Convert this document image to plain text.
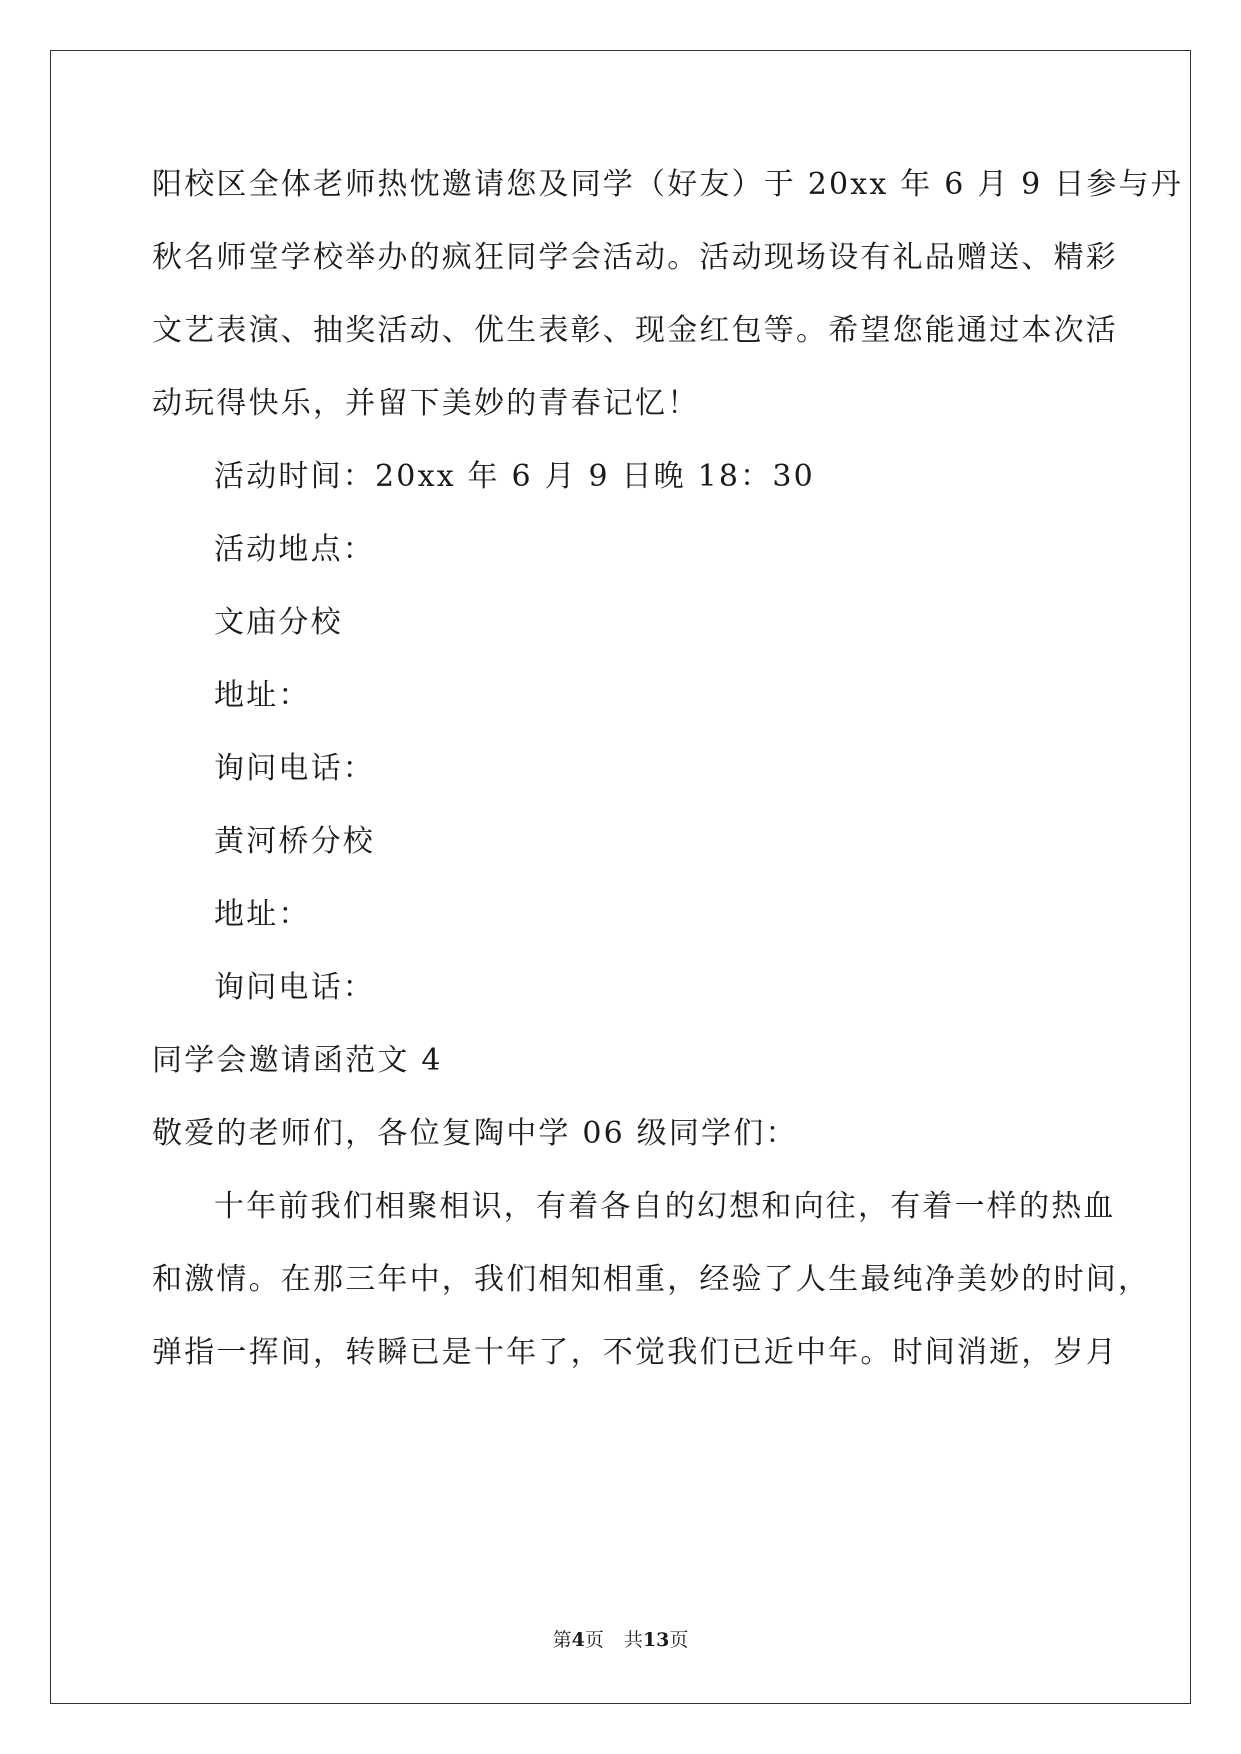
阳校区全体老师热忱邀请您及同学（好友）于 20xx 年 6 月 9 日参与丹
秋名师堂学校举办的疯狂同学会活动。活动现场设有礼品赠送、精彩
文艺表演、抽奖活动、优生表彰、现金红包等。希望您能通过本次活
动玩得快乐，并留下美妙的青春记忆！
活动时间：20xx 年 6 月 9 日晚 18：30
活动地点：
文庙分校
地址：
询问电话：
黄河桥分校
地址：
询问电话：
同学会邀请函范文 4
敬爱的老师们，各位复陶中学 06 级同学们：
十年前我们相聚相识，有着各自的幻想和向往，有着一样的热血
和激情。在那三年中，我们相知相重，经验了人生最纯净美妙的时间，
弹指一挥间，转瞬已是十年了，不觉我们已近中年。时间消逝，岁月
第4页 共13页
